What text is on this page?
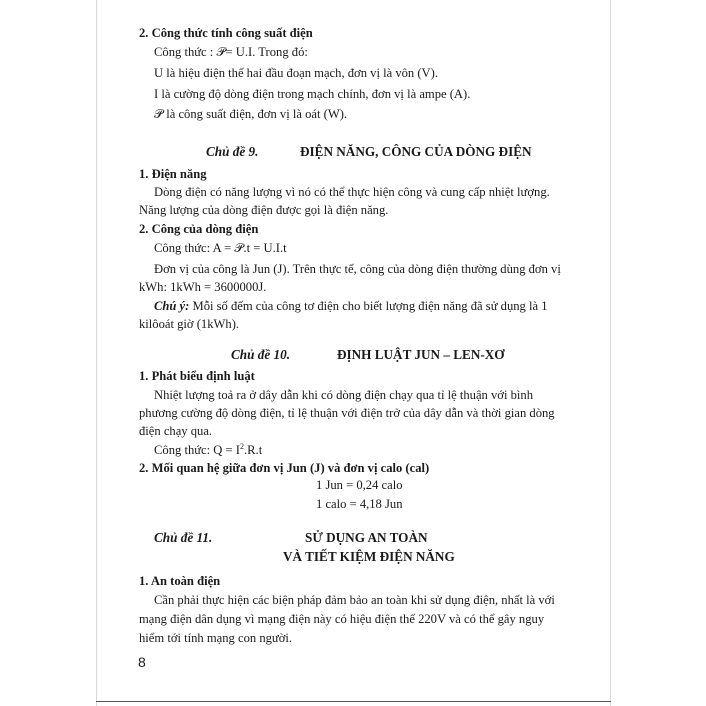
2. Công thức tính công suất điện
Công thức : 𝒫= U.I. Trong đó:
U là hiệu điện thế hai đầu đoạn mạch, đơn vị là vôn (V).
I là cường độ dòng điện trong mạch chính, đơn vị là ampe (A).
𝒫 là công suất điện, đơn vị là oát (W).
Chủ đề 9.	ĐIỆN NĂNG, CÔNG CỦA DÒNG ĐIỆN
1. Điện năng
Dòng điện có năng lượng vì nó có thể thực hiện công và cung cấp nhiệt lượng.
Năng lượng của dòng điện được gọi là điện năng.
2. Công của dòng điện
Công thức: A = 𝒫.t = U.I.t
Đơn vị của công là Jun (J). Trên thực tế, công của dòng điện thường dùng đơn vị
kWh: 1kWh = 3600000J.
Chú ý: Mỗi số đếm của công tơ điện cho biết lượng điện năng đã sử dụng là 1
kilôoát giờ (1kWh).
Chủ đề 10.	ĐỊNH LUẬT JUN – LEN-XƠ
1. Phát biểu định luật
Nhiệt lượng toả ra ở dây dẫn khi có dòng điện chạy qua tỉ lệ thuận với bình
phương cường độ dòng điện, tỉ lệ thuận với điện trở của dây dẫn và thời gian dòng
điện chạy qua.
Công thức: $Q = I^2.R.t$
2. Mối quan hệ giữa đơn vị Jun (J) và đơn vị calo (cal)
1 Jun = 0,24 calo
1 calo = 4,18 Jun
Chủ đề 11.	SỬ DỤNG AN TOÀN
VÀ TIẾT KIỆM ĐIỆN NĂNG
1. An toàn điện
Cần phải thực hiện các biện pháp đảm bảo an toàn khi sử dụng điện, nhất là với
mạng điện dân dụng vì mạng điện này có hiệu điện thế 220V và có thể gây nguy
hiểm tới tính mạng con người.
8
